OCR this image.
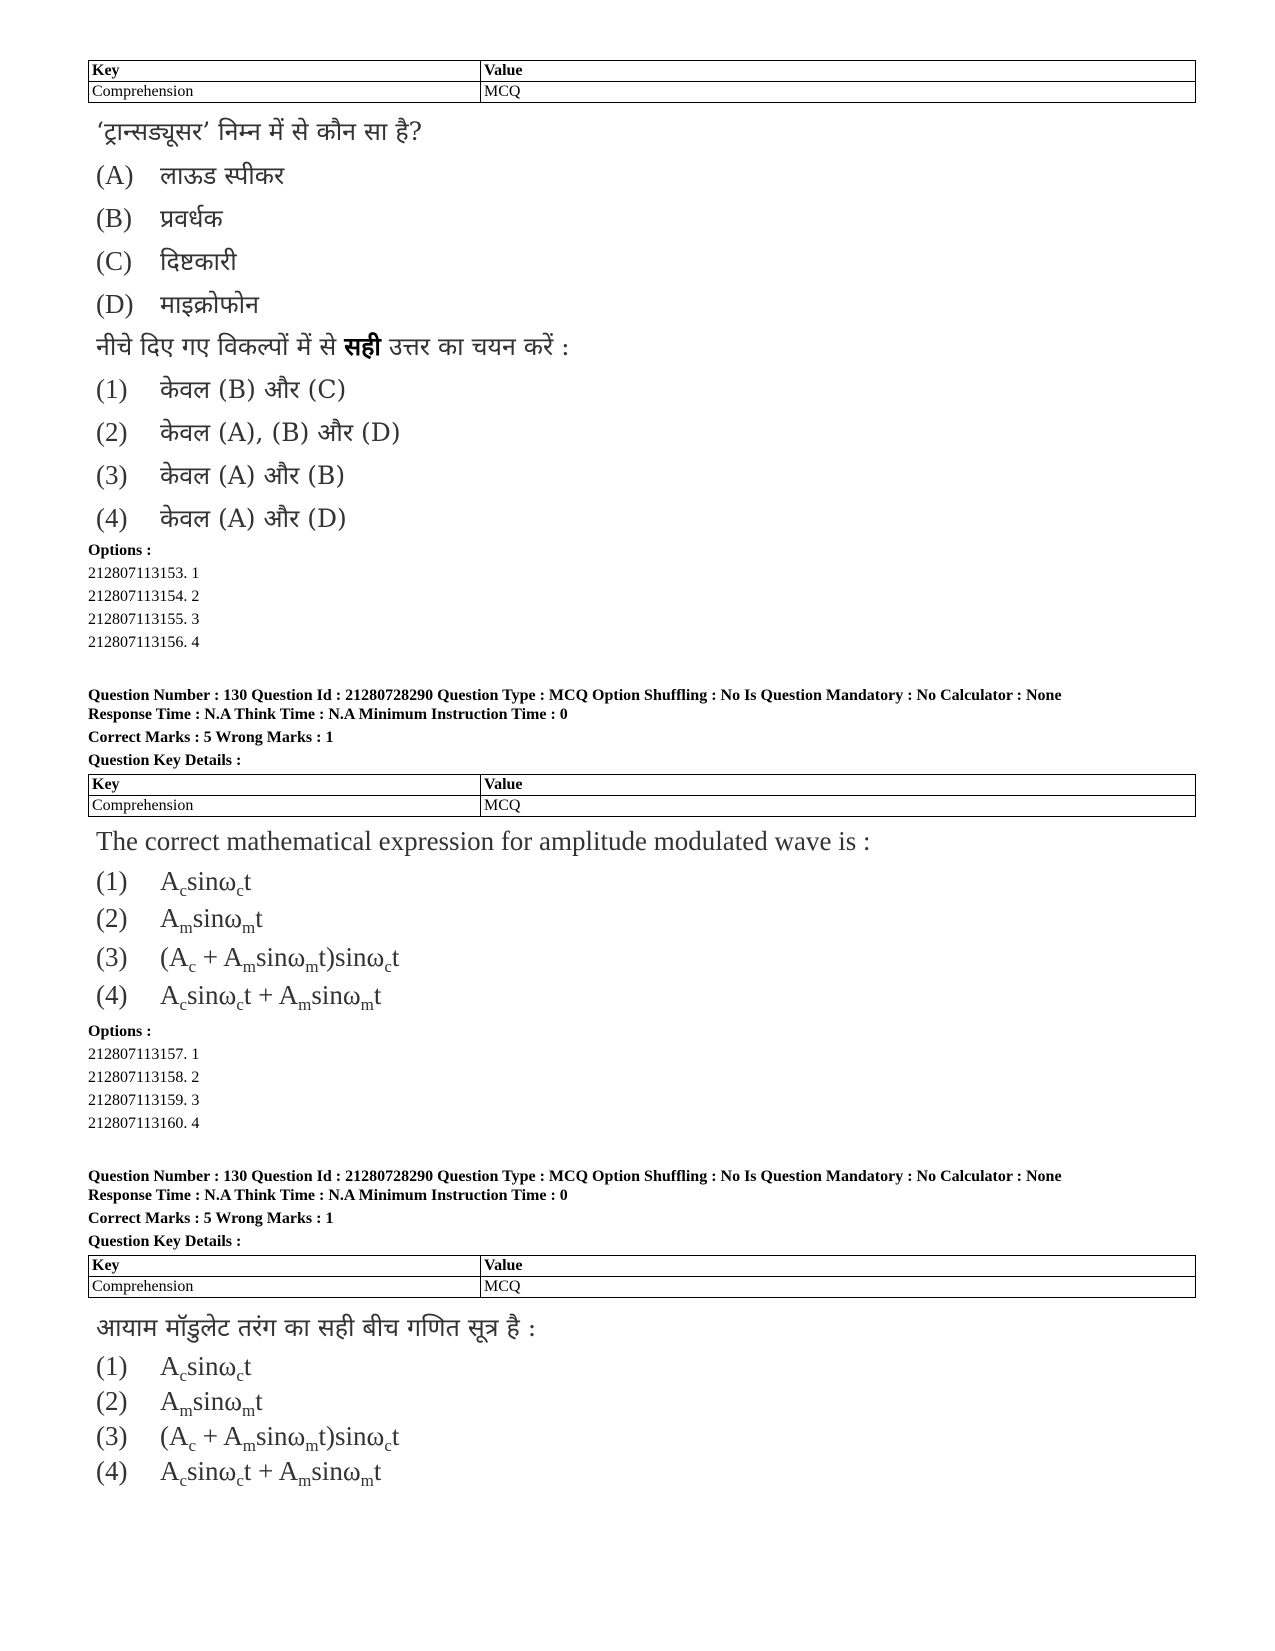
Key	Value
Comprehension	MCQ
‘ट्रान्सड्यूसर’ निम्न में से कौन सा है?
(A) लाऊड स्पीकर
(B) प्रवर्धक
(C) दिष्टकारी
(D) माइक्रोफोन
नीचे दिए गए विकल्पों में से सही उत्तर का चयन करें :
(1) केवल (B) और (C)
(2) केवल (A), (B) और (D)
(3) केवल (A) और (B)
(4) केवल (A) और (D)
Options :
212807113153. 1
212807113154. 2
212807113155. 3
212807113156. 4
Question Number : 130 Question Id : 21280728290 Question Type : MCQ Option Shuffling : No Is Question Mandatory : No Calculator : None
Response Time : N.A Think Time : N.A Minimum Instruction Time : 0
Correct Marks : 5 Wrong Marks : 1
Question Key Details :
Key	Value
Comprehension	MCQ
The correct mathematical expression for amplitude modulated wave is :
(1) $A_c\sin\omega_ct$
(2) $A_m\sin\omega_mt$
(3) $(A_c + A_m\sin\omega_mt)\sin\omega_ct$
(4) $A_c\sin\omega_ct + A_m\sin\omega_mt$
Options :
212807113157. 1
212807113158. 2
212807113159. 3
212807113160. 4
Question Number : 130 Question Id : 21280728290 Question Type : MCQ Option Shuffling : No Is Question Mandatory : No Calculator : None
Response Time : N.A Think Time : N.A Minimum Instruction Time : 0
Correct Marks : 5 Wrong Marks : 1
Question Key Details :
Key	Value
Comprehension	MCQ
आयाम मॉडुलेट तरंग का सही बीच गणित सूत्र है :
(1) $A_c\sin\omega_ct$
(2) $A_m\sin\omega_mt$
(3) $(A_c + A_m\sin\omega_mt)\sin\omega_ct$
(4) $A_c\sin\omega_ct + A_m\sin\omega_mt$
